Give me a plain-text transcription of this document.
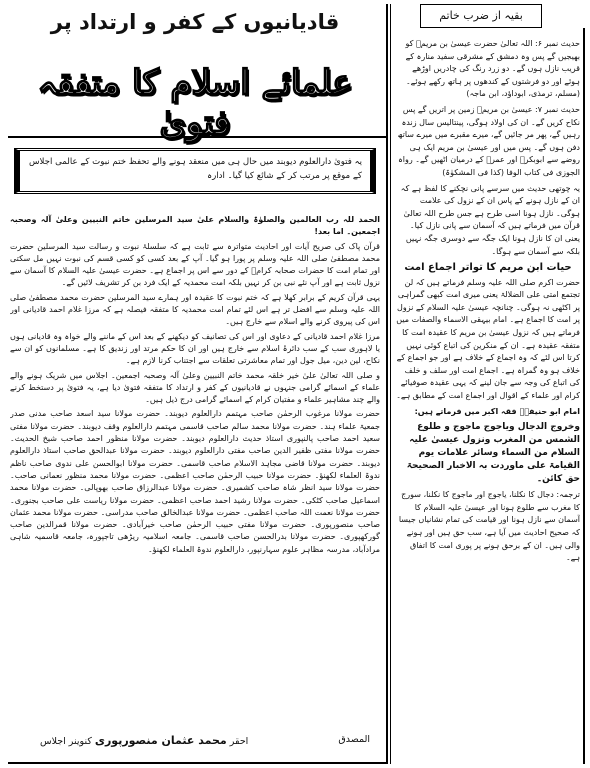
بقیہ از ضرب خاتم

حدیث نمبر ۶: اللہ تعالیٰ حضرت عیسیٰ بن مریمؑ کو بھیجیں گے پس وہ دمشق کے مشرقی سفید منارہ کے قریب نازل ہوں گے۔ دو زرد رنگ کی چادریں اوڑھے ہوئے اور دو فرشتوں کے کندھوں پر ہاتھ رکھے ہوئے۔ (مسلم، ترمذی، ابوداؤد، ابن ماجہ)

حدیث نمبر ۷: عیسیٰ بن مریمؑ زمین پر اتریں گے پس نکاح کریں گے۔ ان کی اولاد ہوگی، پینتالیس سال زندہ رہیں گے، پھر مر جائیں گے، میرے مقبرے میں میرے ساتھ دفن ہوں گے۔ پس میں اور عیسیٰ بن مریم ایک ہی روضے سے ابوبکرؓ اور عمرؓ کے درمیان اٹھیں گے۔ رواہ الجوزی فی کتاب الوفا (کذا فی المشکوٰۃ)

یہ چوتھی حدیث میں سرسے پانی نچکنے کا لفظ ہے کہ ان کے نازل ہونے کے پاس ان کے نزول کی علامت ہوگی۔ نازل ہونا اسی طرح ہے جس طرح اللہ تعالیٰ قرآن میں فرماتے ہیں کہ آسمان سے پانی نازل کیا۔ یعنی ان کا نازل ہونا ایک جگہ سے دوسری جگہ نہیں بلکہ سے آسمان سے ہوگا۔

حیات ابن مریم کا تواتر اجماع امت

حضرت اکرم صلی اللہ علیہ وسلم فرماتے ہیں کہ لن تجتمع امتی علی الضلالۃ یعنی میری امت کبھی گمراہی پر اکٹھی نہ ہوگی۔ چنانچہ عیسیٰ علیہ السلام کے نزول پر امت کا اجماع ہے۔ امام بیہقی الاسماء والصفات میں فرماتے ہیں کہ نزول عیسیٰ بن مریم کا عقیدہ امت کا متفقہ عقیدہ ہے۔ ان کے منکرین کی اتباع کوئی نہیں کرتا اس لئے کہ وہ اجماع کے خلاف ہے اور جو اجماع کے خلاف ہو وہ گمراہ ہے۔ اجماع امت اور سلف و خلف کی اتباع کی وجہ سے جان لینے کہ یہی عقیدہ صوفیائے کرام اور علماء کے اقوال اور اجماع امت کے مطابق ہے۔

امام ابو حنیفہؒ فقہ اکبر میں فرماتے ہیں:

وخروج الدجال ویاجوج ماجوج و طلوع الشمس من المغرب ونزول عیسیٰ علیہ السلام من السماء وسائر علامات یوم القیامۃ علی ماوردت بہ الاخبار الصحیحۃ حق کائن۔

ترجمہ: دجال کا نکلنا، یاجوج اور ماجوج کا نکلنا، سورج کا مغرب سے طلوع ہونا اور عیسیٰ علیہ السلام کا آسمان سے نازل ہونا اور قیامت کی تمام نشانیاں جیسا کہ صحیح احادیث میں آیا ہے، سب حق ہیں اور ہونے والی ہیں۔ ان کے برحق ہونے پر پوری امت کا اتفاق ہے۔

قادیانیوں کے کفر و ارتداد پر
علمائے اسلام کا متفقہ فتویٰ
یہ فتویٰ دارالعلوم دیوبند میں حال ہی میں منعقد ہونے والے تحفظ ختم نبوت کے عالمی اجلاس کے موقع پر مرتب کر کے شائع کیا گیا۔ ادارہ

الحمد للہ رب العالمین والصلوٰۃ والسلام علیٰ سید المرسلین خاتم النبیین وعلیٰ آلہ وصحبہ اجمعین۔ اما بعد!

قرآن پاک کی صریح آیات اور احادیث متواترہ سے ثابت ہے کہ سلسلۂ نبوت و رسالت سید المرسلین حضرت محمد مصطفیٰ صلی اللہ علیہ وسلم پر پورا ہو گیا۔ آپ کے بعد کسی کو کسی قسم کی نبوت نہیں مل سکتی اور تمام امت کا حضرات صحابہ کرامؓ کے دور سے اس پر اجماع ہے۔ حضرت عیسیٰ علیہ السلام کا آسمان سے نزول ثابت ہے اور آپ نئے نبی بن کر نہیں بلکہ امت محمدیہ کے ایک فرد بن کر تشریف لائیں گے۔

یہی قرآن کریم کے برابر کھلا ہے کہ ختم نبوت کا عقیدہ اور ہمارے سید المرسلین حضرت محمد مصطفیٰ صلی اللہ علیہ وسلم سے افضل تر ہے اس لئے تمام امت محمدیہ کا متفقہ فیصلہ ہے کہ مرزا غلام احمد قادیانی اور اس کی پیروی کرنے والے اسلام سے خارج ہیں۔

مرزا غلام احمد قادیانی کے دعاوی اور اس کی تصانیف کو دیکھنے کے بعد اس کے ماننے والے خواہ وہ قادیانی ہوں یا لاہوری سب کے سب دائرۂ اسلام سے خارج ہیں اور ان کا حکم مرتد اور زندیق کا ہے۔ مسلمانوں کو ان سے نکاح، لین دین، میل جول اور تمام معاشرتی تعلقات سے اجتناب کرنا لازم ہے۔

و صلی اللہ تعالیٰ علیٰ خیر خلقہ محمد خاتم النبیین وعلیٰ آلہ وصحبہ اجمعین۔ اجلاس میں شریک ہونے والے علماء کے اسمائے گرامی جنہوں نے قادیانیوں کے کفر و ارتداد کا متفقہ فتویٰ دیا ہے، یہ فتویٰ پر دستخط کرنے والے چند مشاہیر علماء و مفتیان کرام کے اسمائے گرامی درج ذیل ہیں۔

حضرت مولانا مرغوب الرحمٰن صاحب مہتمم دارالعلوم دیوبند۔ حضرت مولانا سید اسعد صاحب مدنی صدر جمعیۃ علماء ہند۔ حضرت مولانا محمد سالم صاحب قاسمی مہتمم دارالعلوم وقف دیوبند۔ حضرت مولانا مفتی سعید احمد صاحب پالنپوری استاذ حدیث دارالعلوم دیوبند۔ حضرت مولانا منظور احمد صاحب شیخ الحدیث۔ حضرت مولانا مفتی ظفیر الدین صاحب مفتی دارالعلوم دیوبند۔ حضرت مولانا عبدالحق صاحب استاذ دارالعلوم دیوبند۔ حضرت مولانا قاضی مجاہد الاسلام صاحب قاسمی۔ حضرت مولانا ابوالحسن علی ندوی صاحب ناظم ندوۃ العلماء لکھنؤ۔ حضرت مولانا حبیب الرحمٰن صاحب اعظمی۔ حضرت مولانا محمد منظور نعمانی صاحب۔ حضرت مولانا سید انظر شاہ صاحب کشمیری۔ حضرت مولانا عبدالرزاق صاحب بھوپالی۔ حضرت مولانا محمد اسماعیل صاحب کٹکی۔ حضرت مولانا رشید احمد صاحب اعظمی۔ حضرت مولانا ریاست علی صاحب بجنوری۔ حضرت مولانا نعمت اللہ صاحب اعظمی۔ حضرت مولانا عبدالخالق صاحب مدراسی۔ حضرت مولانا محمد عثمان صاحب منصورپوری۔ حضرت مولانا مفتی حبیب الرحمٰن صاحب خیرآبادی۔ حضرت مولانا قمرالدین صاحب گورکھپوری۔ حضرت مولانا بدرالحسن صاحب قاسمی۔ جامعہ اسلامیہ ریڑھی تاجپورہ، جامعہ قاسمیہ شاہی مرادآباد، مدرسہ مظاہر علوم سہارنپور، دارالعلوم ندوۃ العلماء لکھنؤ۔

المصدق
احقر محمد عثمان منصورپوری کنوینر اجلاس
